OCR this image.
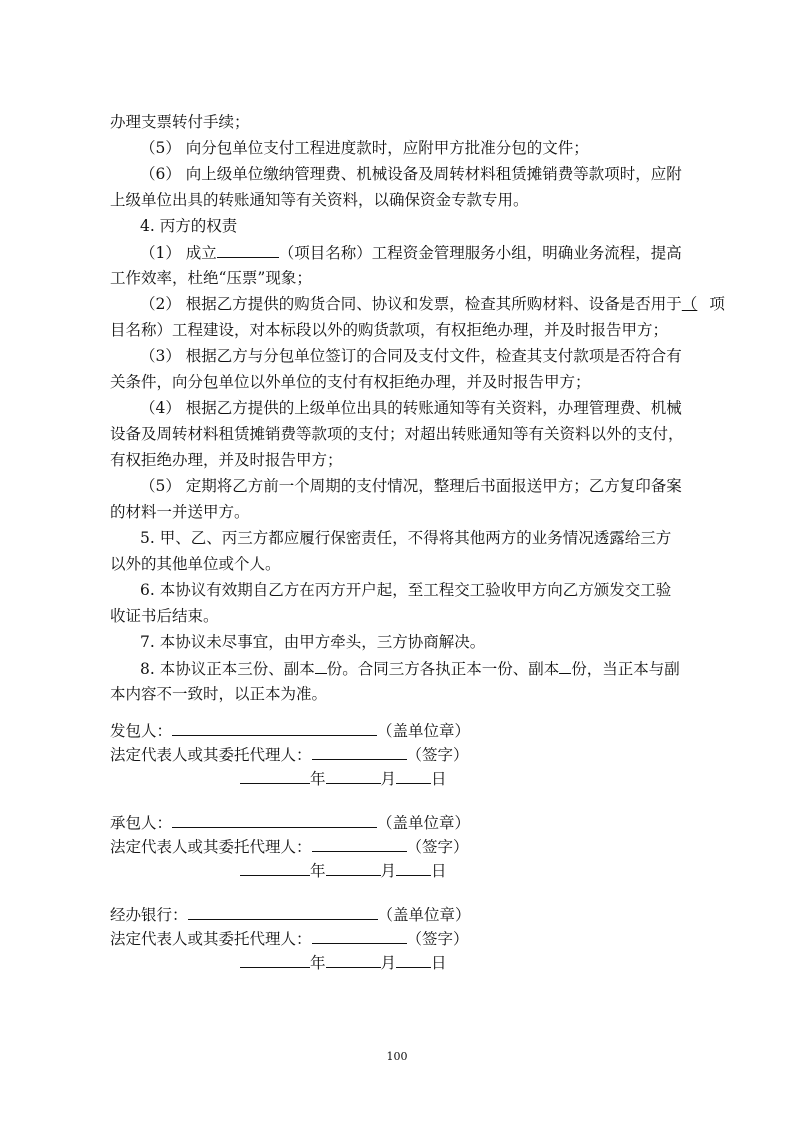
办理支票转付手续；
（5） 向分包单位支付工程进度款时，应附甲方批准分包的文件；
（6） 向上级单位缴纳管理费、机械设备及周转材料租赁摊销费等款项时，应附
上级单位出具的转账通知等有关资料，以确保资金专款专用。
4. 丙方的权责
（1） 成立	（项目名称）工程资金管理服务小组，明确业务流程，提高
工作效率，杜绝“压票”现象；
（2） 根据乙方提供的购货合同、协议和发票，检查其所购材料、设备是否用于（ 项
目名称）工程建设，对本标段以外的购货款项，有权拒绝办理，并及时报告甲方；
（3） 根据乙方与分包单位签订的合同及支付文件，检查其支付款项是否符合有
关条件，向分包单位以外单位的支付有权拒绝办理，并及时报告甲方；
（4） 根据乙方提供的上级单位出具的转账通知等有关资料，办理管理费、机械
设备及周转材料租赁摊销费等款项的支付；对超出转账通知等有关资料以外的支付，
有权拒绝办理，并及时报告甲方；
（5） 定期将乙方前一个周期的支付情况，整理后书面报送甲方；乙方复印备案
的材料一并送甲方。
5. 甲、乙、丙三方都应履行保密责任，不得将其他两方的业务情况透露给三方
以外的其他单位或个人。
6. 本协议有效期自乙方在丙方开户起，至工程交工验收甲方向乙方颁发交工验
收证书后结束。
7. 本协议未尽事宜，由甲方牵头，三方协商解决。
8. 本协议正本三份、副本 份。合同三方各执正本一份、副本 份，当正本与副
本内容不一致时，以正本为准。
发包人：	（盖单位章）
法定代表人或其委托代理人：	（签字）
年	月 日
承包人：	（盖单位章）
法定代表人或其委托代理人：	（签字）
年	月 日
经办银行：	（盖单位章）
法定代表人或其委托代理人：	（签字）
年	月 日
100
